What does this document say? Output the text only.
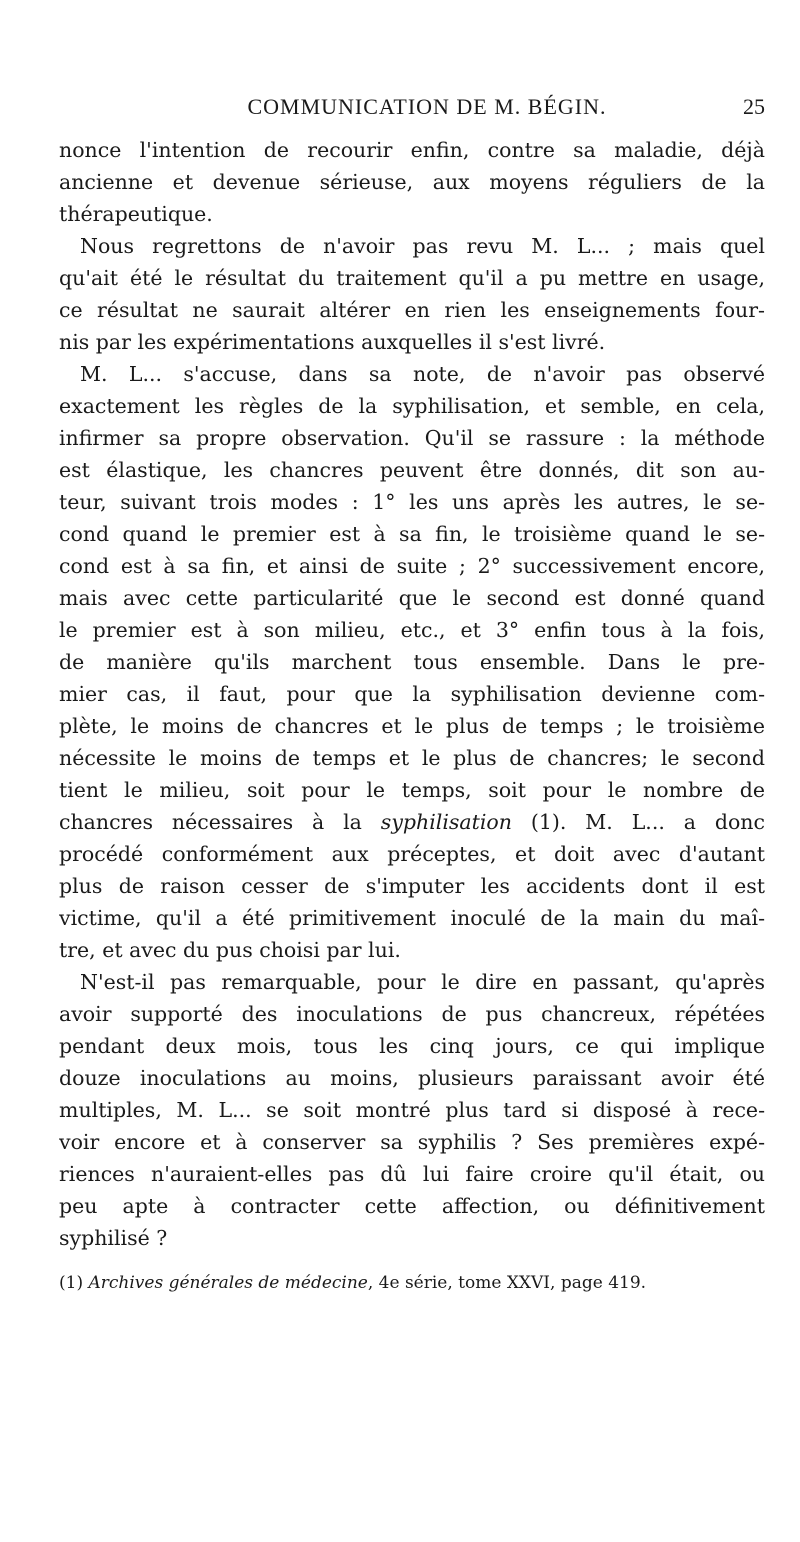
COMMUNICATION DE M. BÉGIN.	25
nonce l'intention de recourir enfin, contre sa maladie, déjà
ancienne et devenue sérieuse, aux moyens réguliers de la
thérapeutique.
Nous regrettons de n'avoir pas revu M. L... ; mais quel
qu'ait été le résultat du traitement qu'il a pu mettre en usage,
ce résultat ne saurait altérer en rien les enseignements four-
nis par les expérimentations auxquelles il s'est livré.
M. L... s'accuse, dans sa note, de n'avoir pas observé
exactement les règles de la syphilisation, et semble, en cela,
infirmer sa propre observation. Qu'il se rassure : la méthode
est élastique, les chancres peuvent être donnés, dit son au-
teur, suivant trois modes : 1° les uns après les autres, le se-
cond quand le premier est à sa fin, le troisième quand le se-
cond est à sa fin, et ainsi de suite ; 2° successivement encore,
mais avec cette particularité que le second est donné quand
le premier est à son milieu, etc., et 3° enfin tous à la fois,
de manière qu'ils marchent tous ensemble. Dans le pre-
mier cas, il faut, pour que la syphilisation devienne com-
plète, le moins de chancres et le plus de temps ; le troisième
nécessite le moins de temps et le plus de chancres; le second
tient le milieu, soit pour le temps, soit pour le nombre de
chancres nécessaires à la syphilisation (1). M. L... a donc
procédé conformément aux préceptes, et doit avec d'autant
plus de raison cesser de s'imputer les accidents dont il est
victime, qu'il a été primitivement inoculé de la main du maî-
tre, et avec du pus choisi par lui.
N'est-il pas remarquable, pour le dire en passant, qu'après
avoir supporté des inoculations de pus chancreux, répétées
pendant deux mois, tous les cinq jours, ce qui implique
douze inoculations au moins, plusieurs paraissant avoir été
multiples, M. L... se soit montré plus tard si disposé à rece-
voir encore et à conserver sa syphilis ? Ses premières expé-
riences n'auraient-elles pas dû lui faire croire qu'il était, ou
peu apte à contracter cette affection, ou définitivement
syphilisé ?
(1) Archives générales de médecine, 4e série, tome XXVI, page 419.
